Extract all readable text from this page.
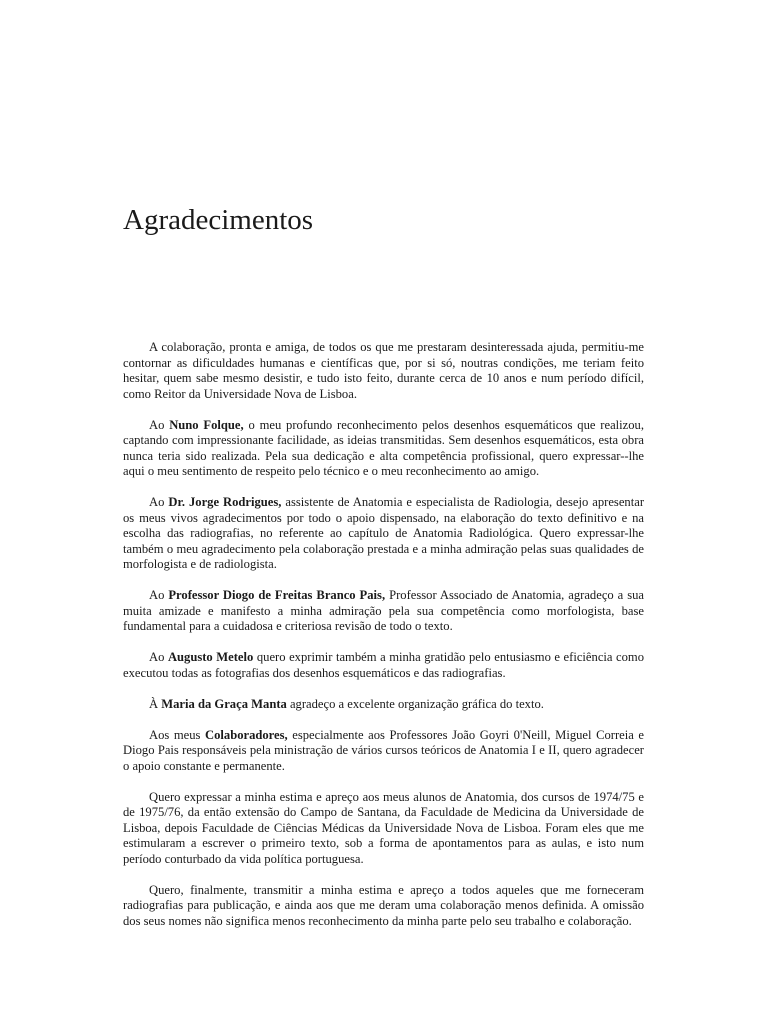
Agradecimentos

A colaboração, pronta e amiga, de todos os que me prestaram desinteressada ajuda, permitiu-me contornar as dificuldades humanas e científicas que, por si só, noutras condições, me teriam feito hesitar, quem sabe mesmo desistir, e tudo isto feito, durante cerca de 10 anos e num período difícil, como Reitor da Universidade Nova de Lisboa.

Ao Nuno Folque, o meu profundo reconhecimento pelos desenhos esquemáticos que realizou, captando com impressionante facilidade, as ideias transmitidas. Sem desenhos esquemáticos, esta obra nunca teria sido realizada. Pela sua dedicação e alta competência profissional, quero expressar--lhe aqui o meu sentimento de respeito pelo técnico e o meu reconhecimento ao amigo.

Ao Dr. Jorge Rodrigues, assistente de Anatomia e especialista de Radiologia, desejo apresentar os meus vivos agradecimentos por todo o apoio dispensado, na elaboração do texto definitivo e na escolha das radiografias, no referente ao capítulo de Anatomia Radiológica. Quero expressar-lhe também o meu agradecimento pela colaboração prestada e a minha admiração pelas suas qualidades de morfologista e de radiologista.

Ao Professor Diogo de Freitas Branco Pais, Professor Associado de Anatomia, agradeço a sua muita amizade e manifesto a minha admiração pela sua competência como morfologista, base fundamental para a cuidadosa e criteriosa revisão de todo o texto.

Ao Augusto Metelo quero exprimir também a minha gratidão pelo entusiasmo e eficiência como executou todas as fotografias dos desenhos esquemáticos e das radiografias.

À Maria da Graça Manta agradeço a excelente organização gráfica do texto.

Aos meus Colaboradores, especialmente aos Professores João Goyri 0'Neill, Miguel Correia e Diogo Pais responsáveis pela ministração de vários cursos teóricos de Anatomia I e II, quero agradecer o apoio constante e permanente.

Quero expressar a minha estima e apreço aos meus alunos de Anatomia, dos cursos de 1974/75 e de 1975/76, da então extensão do Campo de Santana, da Faculdade de Medicina da Universidade de Lisboa, depois Faculdade de Ciências Médicas da Universidade Nova de Lisboa. Foram eles que me estimularam a escrever o primeiro texto, sob a forma de apontamentos para as aulas, e isto num período conturbado da vida política portuguesa.

Quero, finalmente, transmitir a minha estima e apreço a todos aqueles que me forneceram radiografias para publicação, e ainda aos que me deram uma colaboração menos definida. A omissão dos seus nomes não significa menos reconhecimento da minha parte pelo seu trabalho e colaboração.
